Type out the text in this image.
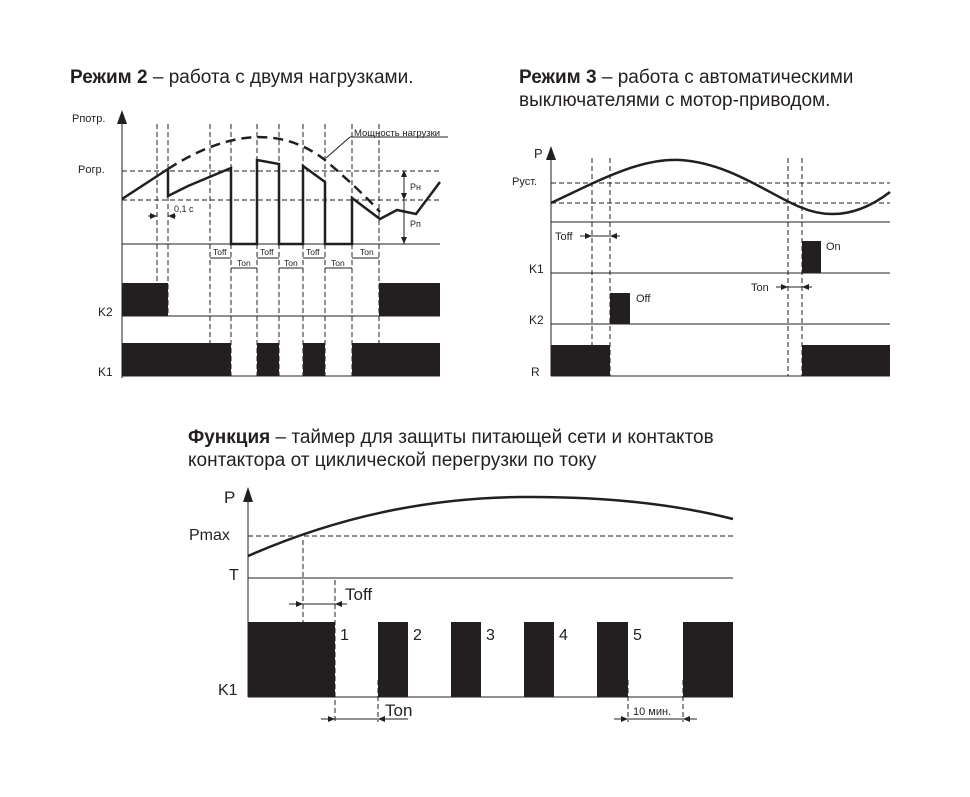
Режим 2 – работа с двумя нагрузками.	Режим 3 – работа с автоматическими
выключателями с мотор-приводом.
Функция – таймер для защиты питающей сети и контактов
контактора от циклической перегрузки по току
Pпотр.
Pогр.
Мощность нагрузки
0,1 с
Pн
Pп
Toff
Ton
Toff
Ton
Toff
Ton
Ton
K2
K1
P
Pуст.
Toff
Ton
K1
On
K2
Off
R
P
Pmax
T
Toff
K1
1	2	3	4	5
Ton	10 мин.
